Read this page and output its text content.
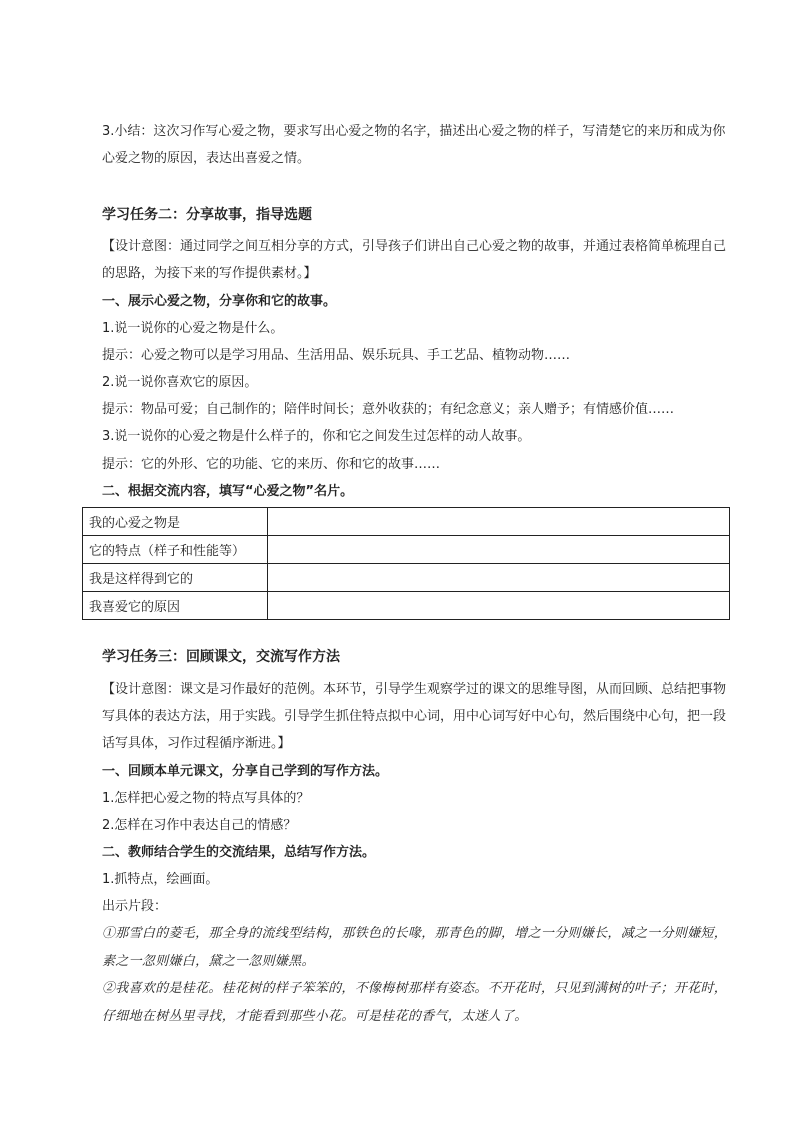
3.小结：这次习作写心爱之物，要求写出心爱之物的名字，描述出心爱之物的样子，写清楚它的来历和成为你心爱之物的原因，表达出喜爱之情。

学习任务二：分享故事，指导选题

【设计意图：通过同学之间互相分享的方式，引导孩子们讲出自己心爱之物的故事，并通过表格简单梳理自己的思路，为接下来的写作提供素材。】

一、展示心爱之物，分享你和它的故事。

1.说一说你的心爱之物是什么。

提示：心爱之物可以是学习用品、生活用品、娱乐玩具、手工艺品、植物动物……

2.说一说你喜欢它的原因。

提示：物品可爱；自己制作的；陪伴时间长；意外收获的；有纪念意义；亲人赠予；有情感价值……

3.说一说你的心爱之物是什么样子的，你和它之间发生过怎样的动人故事。

提示：它的外形、它的功能、它的来历、你和它的故事……

二、根据交流内容，填写“心爱之物”名片。

我的心爱之物是	
它的特点（样子和性能等）	
我是这样得到它的	
我喜爱它的原因	

学习任务三：回顾课文，交流写作方法

【设计意图：课文是习作最好的范例。本环节，引导学生观察学过的课文的思维导图，从而回顾、总结把事物写具体的表达方法，用于实践。引导学生抓住特点拟中心词，用中心词写好中心句，然后围绕中心句，把一段话写具体，习作过程循序渐进。】

一、回顾本单元课文，分享自己学到的写作方法。

1.怎样把心爱之物的特点写具体的？

2.怎样在习作中表达自己的情感？

二、教师结合学生的交流结果，总结写作方法。

1.抓特点，绘画面。

出示片段：

①那雪白的菱毛，那全身的流线型结构，那铁色的长喙，那青色的脚，增之一分则嫌长，减之一分则嫌短，素之一忽则嫌白，黛之一忽则嫌黑。

②我喜欢的是桂花。桂花树的样子笨笨的，不像梅树那样有姿态。不开花时，只见到满树的叶子；开花时，仔细地在树丛里寻找，才能看到那些小花。可是桂花的香气，太迷人了。
